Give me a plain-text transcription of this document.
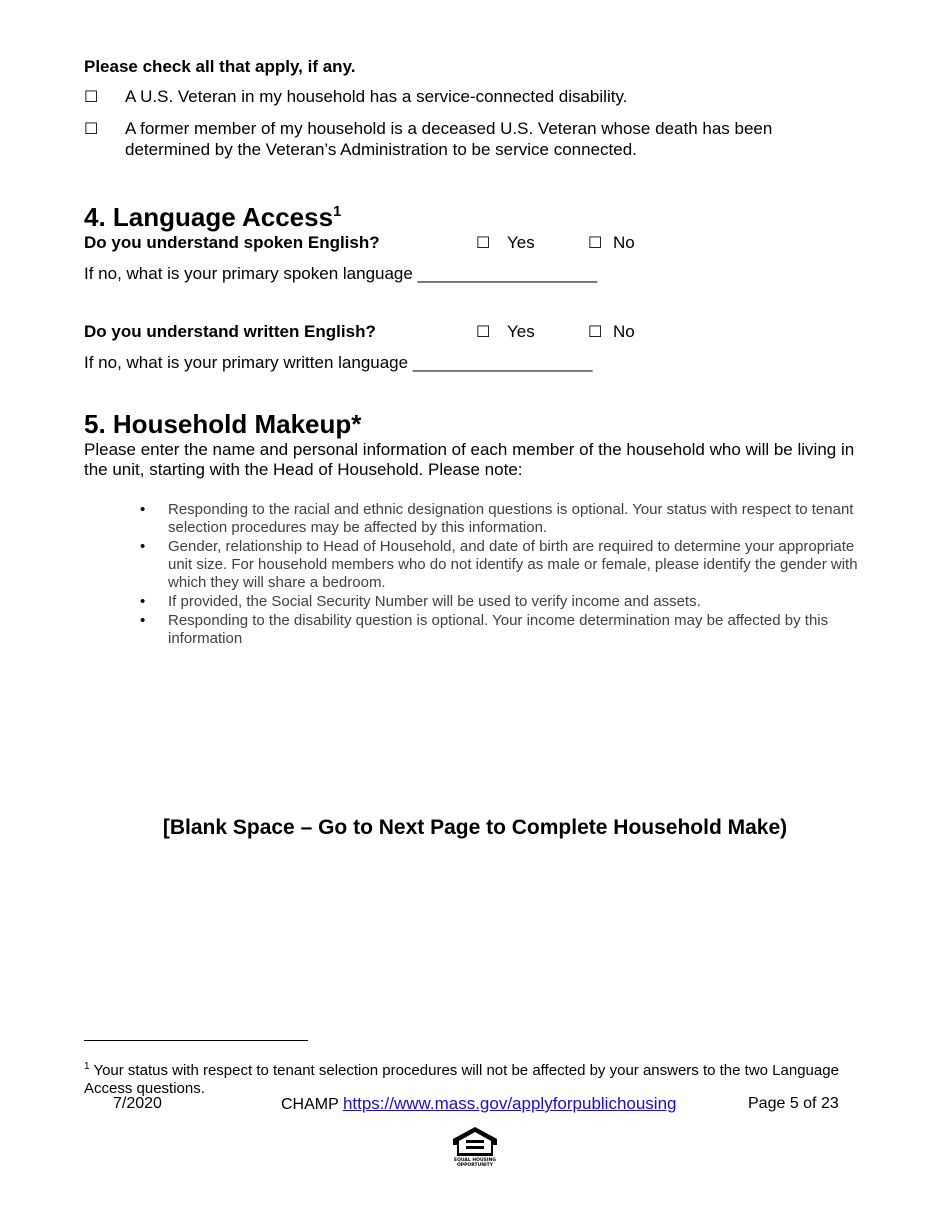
Please check all that apply, if any.
☐ A U.S. Veteran in my household has a service-connected disability.
☐ A former member of my household is a deceased U.S. Veteran whose death has been
determined by the Veteran’s Administration to be service connected.
4. Language Access$^1$
Do you understand spoken English?	☐ Yes	☐ No
If no, what is your primary spoken language ___________________
Do you understand written English?	☐ Yes	☐ No
If no, what is your primary written language ___________________
5. Household Makeup*
Please enter the name and personal information of each member of the household who will be living in the unit, starting with the Head of Household. Please note:
• Responding to the racial and ethnic designation questions is optional. Your status with respect to tenant selection procedures may be affected by this information.
• Gender, relationship to Head of Household, and date of birth are required to determine your appropriate unit size. For household members who do not identify as male or female, please identify the gender with which they will share a bedroom.
• If provided, the Social Security Number will be used to verify income and assets.
• Responding to the disability question is optional. Your income determination may be affected by this information
[Blank Space – Go to Next Page to Complete Household Make)
$^1$ Your status with respect to tenant selection procedures will not be affected by your answers to the two Language Access questions.
7/2020	CHAMP https://www.mass.gov/applyforpublichousing	Page 5 of 23
EQUAL HOUSING
OPPORTUNITY
